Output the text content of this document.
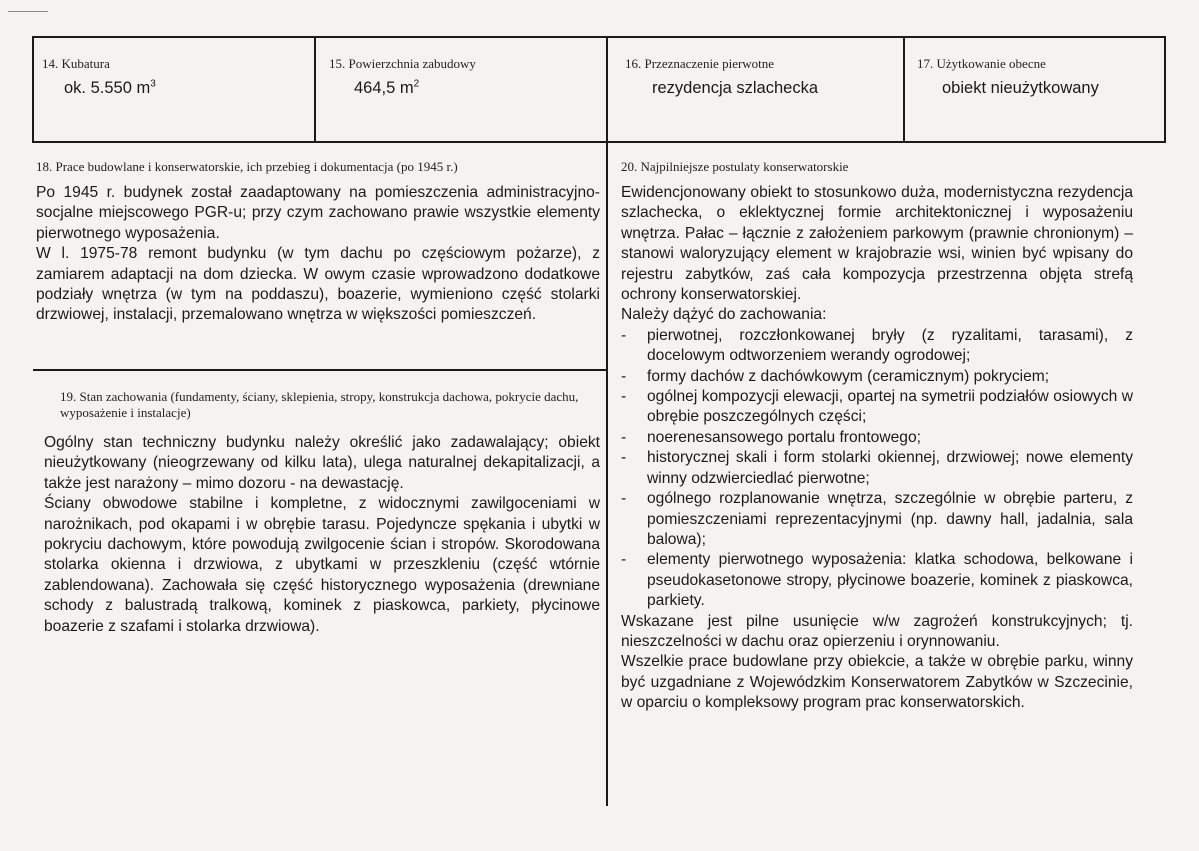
14. Kubatura
ok. 5.550 $m^3$
15. Powierzchnia zabudowy
464,5 $m^2$
16. Przeznaczenie pierwotne
rezydencja szlachecka
17. Użytkowanie obecne
obiekt nieużytkowany
18. Prace budowlane i konserwatorskie, ich przebieg i dokumentacja (po 1945 r.)

Po 1945 r. budynek został zaadaptowany na pomieszczenia administracyjno-socjalne miejscowego PGR-u; przy czym zachowano prawie wszystkie elementy pierwotnego wyposażenia.

W l. 1975-78 remont budynku (w tym dachu po częściowym pożarze), z zamiarem adaptacji na dom dziecka. W owym czasie wprowadzono dodatkowe podziały wnętrza (w tym na poddaszu), boazerie, wymieniono część stolarki drzwiowej, instalacji, przemalowano wnętrza w większości pomieszczeń.

19. Stan zachowania (fundamenty, ściany, sklepienia, stropy, konstrukcja dachowa, pokrycie dachu, wyposażenie i instalacje)

Ogólny stan techniczny budynku należy określić jako zadawalający; obiekt nieużytkowany (nieogrzewany od kilku lata), ulega naturalnej dekapitalizacji, a także jest narażony – mimo dozoru - na dewastację.

Ściany obwodowe stabilne i kompletne, z widocznymi zawilgoceniami w narożnikach, pod okapami i w obrębie tarasu. Pojedyncze spękania i ubytki w pokryciu dachowym, które powodują zwilgocenie ścian i stropów. Skorodowana stolarka okienna i drzwiowa, z ubytkami w przeszkleniu (część wtórnie zablendowana). Zachowała się część historycznego wyposażenia (drewniane schody z balustradą tralkową, kominek z piaskowca, parkiety, płycinowe boazerie z szafami i stolarka drzwiowa).

20. Najpilniejsze postulaty konserwatorskie

Ewidencjonowany obiekt to stosunkowo duża, modernistyczna rezydencja szlachecka, o eklektycznej formie architektonicznej i wyposażeniu wnętrza. Pałac – łącznie z założeniem parkowym (prawnie chronionym) – stanowi waloryzujący element w krajobrazie wsi, winien być wpisany do rejestru zabytków, zaś cała kompozycja przestrzenna objęta strefą ochrony konserwatorskiej.

Należy dążyć do zachowania:

- pierwotnej, rozczłonkowanej bryły (z ryzalitami, tarasami), z docelowym odtworzeniem werandy ogrodowej;
- formy dachów z dachówkowym (ceramicznym) pokryciem;
- ogólnej kompozycji elewacji, opartej na symetrii podziałów osiowych w obrębie poszczególnych części;
- noerenesansowego portalu frontowego;
- historycznej skali i form stolarki okiennej, drzwiowej; nowe elementy winny odzwierciedlać pierwotne;
- ogólnego rozplanowanie wnętrza, szczególnie w obrębie parteru, z pomieszczeniami reprezentacyjnymi (np. dawny hall, jadalnia, sala balowa);
- elementy pierwotnego wyposażenia: klatka schodowa, belkowane i pseudokasetonowe stropy, płycinowe boazerie, kominek z piaskowca, parkiety.

Wskazane jest pilne usunięcie w/w zagrożeń konstrukcyjnych; tj. nieszczelności w dachu oraz opierzeniu i orynnowaniu.

Wszelkie prace budowlane przy obiekcie, a także w obrębie parku, winny być uzgadniane z Wojewódzkim Konserwatorem Zabytków w Szczecinie, w oparciu o kompleksowy program prac konserwatorskich.
